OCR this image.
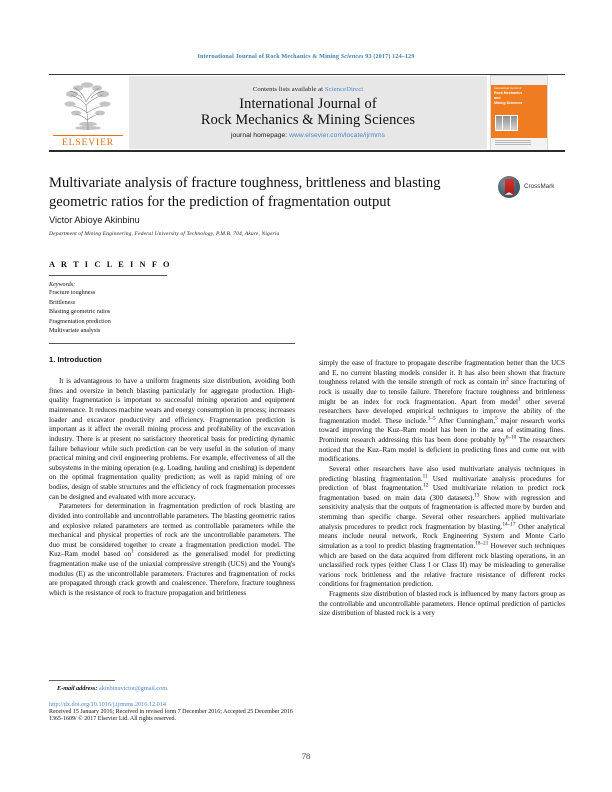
International Journal of Rock Mechanics & Mining Sciences 93 (2017) 124–129
ELSEVIER
Contents lists available at ScienceDirect
International Journal of
Rock Mechanics & Mining Sciences
journal homepage: www.elsevier.com/locate/ijrmms
International Journal of
Rock Mechanics
and
Mining Sciences
Multivariate analysis of fracture toughness, brittleness and blasting geometric ratios for the prediction of fragmentation output
Victor Abioye Akinbinu
Department of Mining Engineering, Federal University of Technology, P.M.B. 704, Akure, Nigeria
CrossMark
A R T I C L E I N F O
Keywords:
Fracture toughness
Brittleness
Blasting geometric ratios
Fragmentation prediction
Multivariate analysis
1. Introduction

It is advantageous to have a uniform fragments size distribution, avoiding both fines and oversize in bench blasting particularly for aggregate production. High-quality fragmentation is important to successful mining operation and equipment maintenance. It reduces machine wears and energy consumption in process; increases loader and excavator productivity and efficiency. Fragmentation prediction is important as it affect the overall mining process and profitability of the excavation industry. There is at present no satisfactory theoretical basis for predicting dynamic failure behaviour while such prediction can be very useful in the solution of many practical mining and civil engineering problems. For example, effectiveness of all the subsystems in the mining operation (e.g. Loading, hauling and crushing) is dependent on the optimal fragmentation quality prediction; as well as rapid mining of ore bodies, design of stable structures and the efficiency of rock fragmentation processes can be designed and evaluated with more accuracy.

Parameters for determination in fragmentation prediction of rock blasting are divided into controllable and uncontrollable parameters. The blasting geometric ratios and explosive related parameters are termed as controllable parameters while the mechanical and physical properties of rock are the uncontrollable parameters. The duo must be considered together to create a fragmentation prediction model. The Kuz–Ram model based $on^1$ considered as the generalised model for predicting fragmentation make use of the uniaxial compressive strength (UCS) and the Young's modulus (E) as the uncontrollable parameters. Fractures and fragmentation of rocks are propagated through crack growth and coalescence. Therefore, fracture toughness which is the resistance of rock to fracture propagation and brittleness

simply the ease of fracture to propagate describe fragmentation better than the UCS and E, no current blasting models consider it. It has also been shown that fracture toughness related with the tensile strength of rock as contain $in^2$ since fracturing of rock is usually due to tensile failure. Therefore fracture toughness and brittleness might be an index for rock fragmentation. Apart from model$^1$ other several researchers have developed empirical techniques to improve the ability of the fragmentation model. These include.$^{3-5}$ After Cunningham,$^5$ major research works toward improving the Kuz–Ram model has been in the area of estimating fines. Prominent research addressing this has been done probably $by^{6-10}$ The researchers noticed that the Kuz–Ram model is deficient in predicting fines and come out with modifications.

Several other researchers have also used multivariate analysis techniques in predicting blasting fragmentation.$^{11}$ Used multivariate analysis procedures for prediction of blast fragmentation.$^{12}$ Used multivariate relation to predict rock fragmentation based on main data (300 datasets).$^{13}$ Show with regression and sensitivity analysis that the outputs of fragmentation is affected more by burden and stemming than specific charge. Several other researchers applied multivariate analysis procedures to predict rock fragmentation by blasting.$^{14-17}$ Other analytical means include neural network, Rock Engineering System and Monte Carlo simulation as a tool to predict blasting fragmentation.$^{18-21}$ However such techniques which are based on the data acquired from different rock blasting operations, in an unclassified rock types (either Class I or Class II) may be misleading to generalise various rock brittleness and the relative fracture resistance of different rocks conditions for fragmentation prediction.

Fragments size distribution of blasted rock is influenced by many factors group as the controllable and uncontrollable parameters. Hence optimal prediction of particles size distribution of blasted rock is a very

E-mail address: akinbinuvictor@gmail.com.
http://dx.doi.org/10.1016/j.ijrmms.2016.12.014
Received 15 January 2016; Received in revised form 7 December 2016; Accepted 25 December 2016
1365-1609/ © 2017 Elsevier Ltd. All rights reserved.
78
